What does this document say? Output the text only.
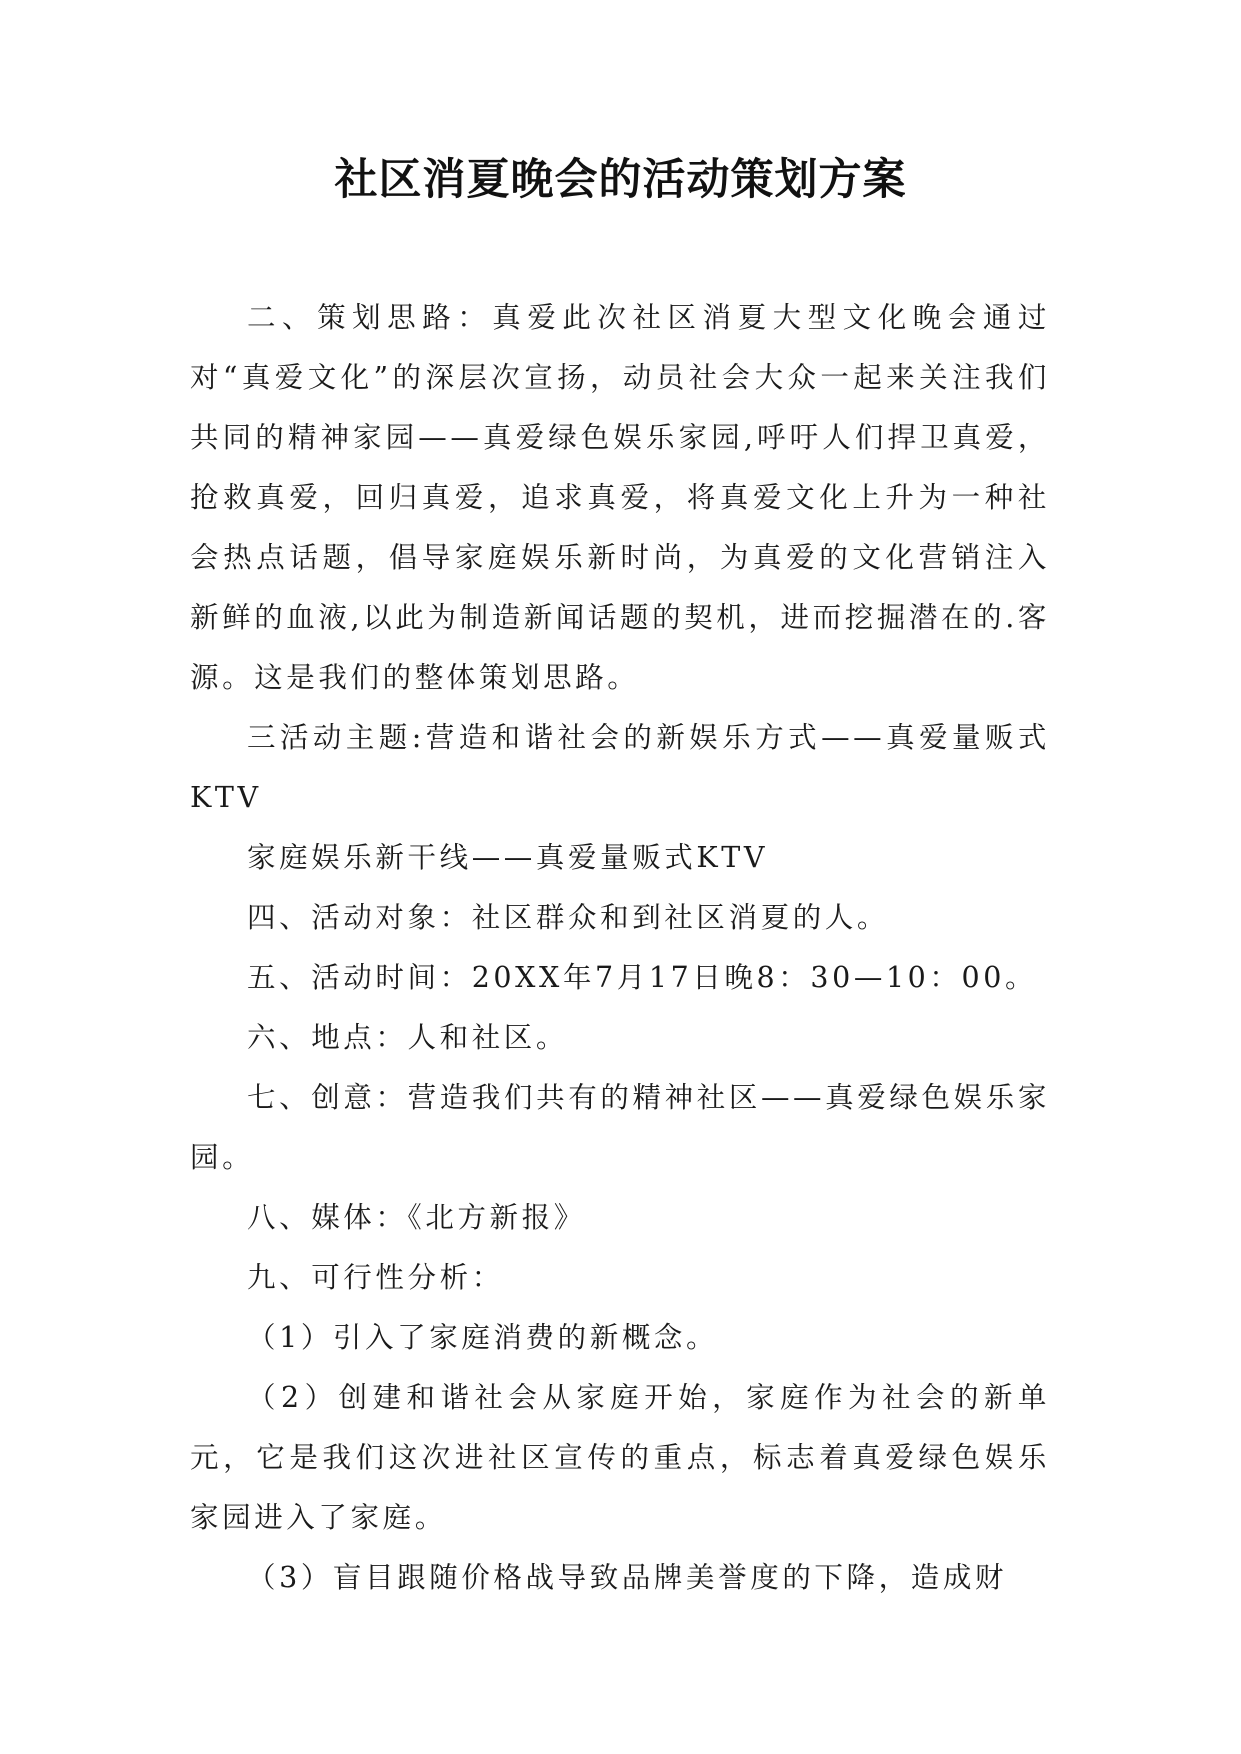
社区消夏晚会的活动策划方案

二、策划思路：真爱此次社区消夏大型文化晚会通过对“真爱文化”的深层次宣扬，动员社会大众一起来关注我们共同的精神家园——真爱绿色娱乐家园,呼吁人们捍卫真爱，抢救真爱，回归真爱，追求真爱，将真爱文化上升为一种社会热点话题，倡导家庭娱乐新时尚，为真爱的文化营销注入新鲜的血液,以此为制造新闻话题的契机，进而挖掘潜在的.客源。这是我们的整体策划思路。

三活动主题:营造和谐社会的新娱乐方式——真爱量贩式KTV

家庭娱乐新干线——真爱量贩式KTV

四、活动对象：社区群众和到社区消夏的人。

五、活动时间：20XX年7月17日晚8：30—10：00。

六、地点：人和社区。

七、创意：营造我们共有的精神社区——真爱绿色娱乐家园。

八、媒体：《北方新报》

九、可行性分析：

（1）引入了家庭消费的新概念。

（2）创建和谐社会从家庭开始，家庭作为社会的新单元，它是我们这次进社区宣传的重点，标志着真爱绿色娱乐家园进入了家庭。

（3）盲目跟随价格战导致品牌美誉度的下降，造成财
